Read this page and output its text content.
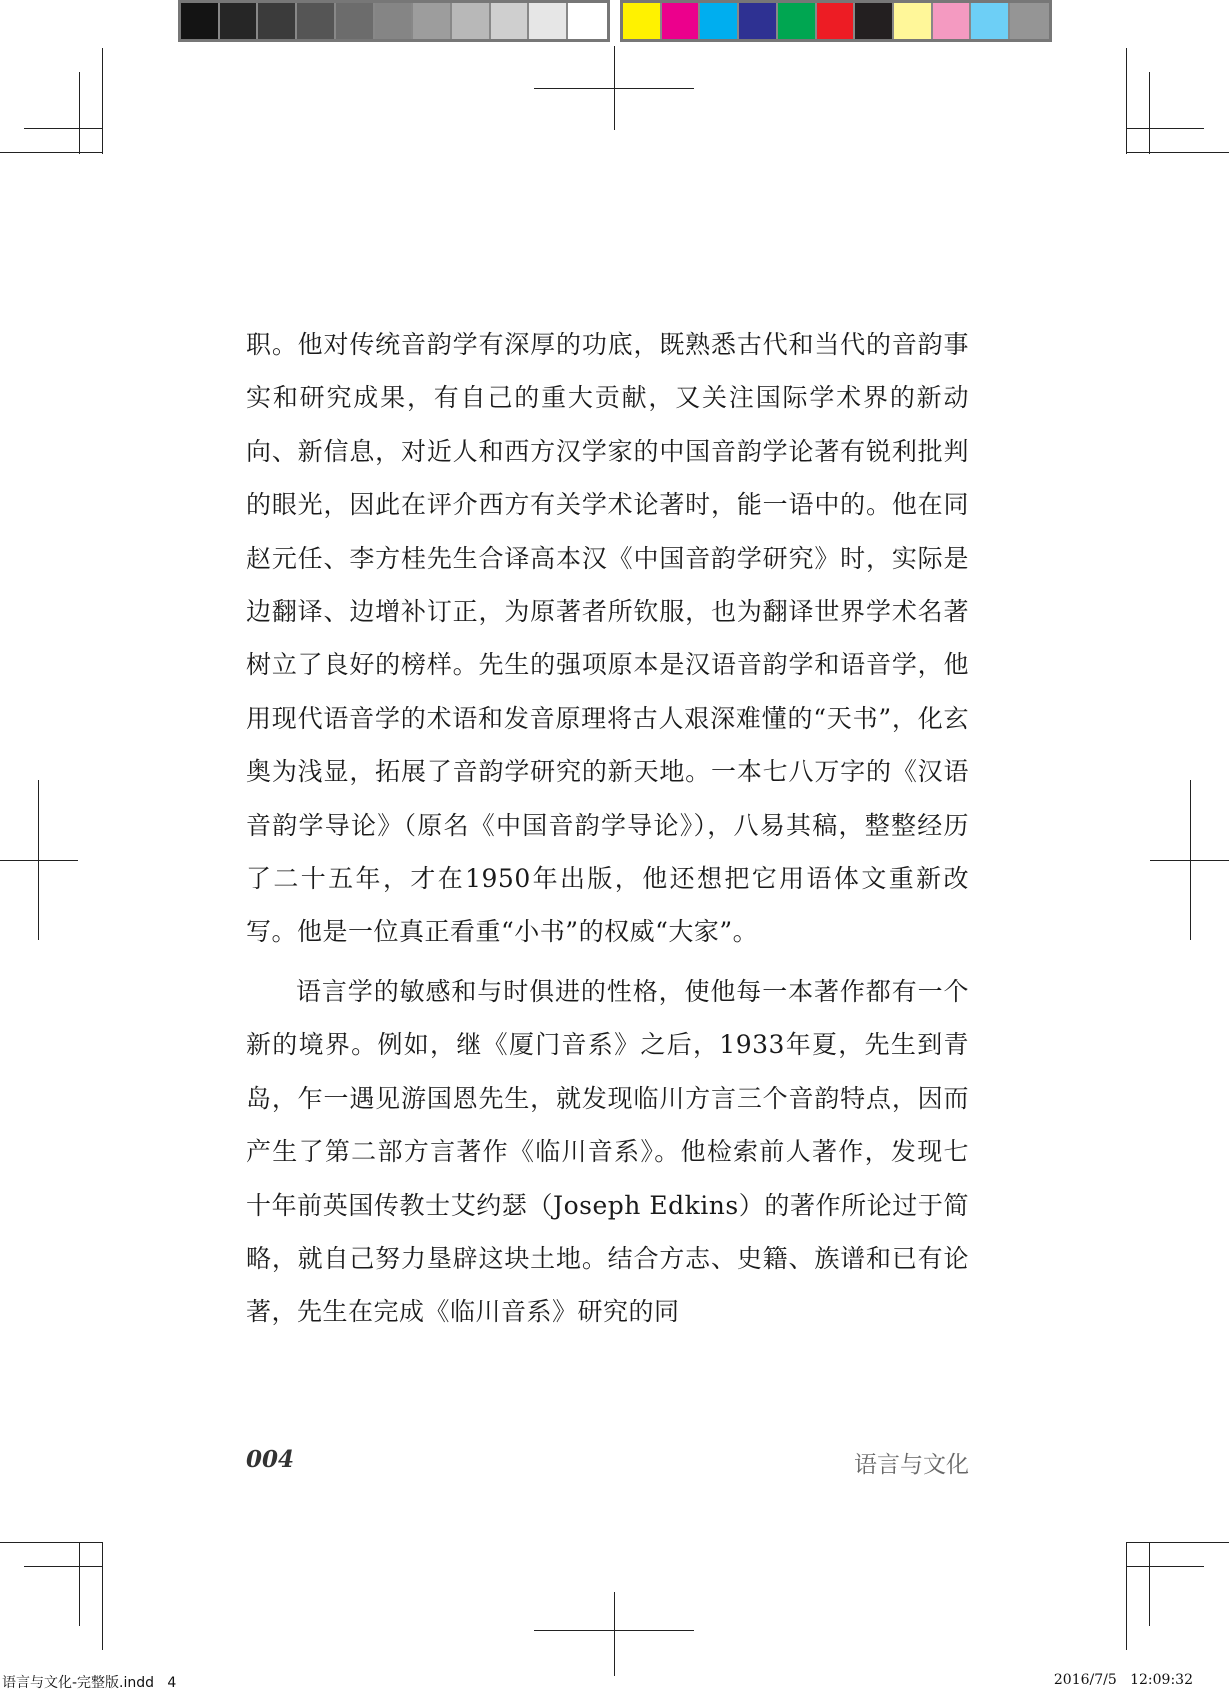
职。他对传统音韵学有深厚的功底，既熟悉古代和当代的音韵事实和研究成果，有自己的重大贡献，又关注国际学术界的新动向、新信息，对近人和西方汉学家的中国音韵学论著有锐利批判的眼光，因此在评介西方有关学术论著时，能一语中的。他在同赵元任、李方桂先生合译高本汉《中国音韵学研究》时，实际是边翻译、边增补订正，为原著者所钦服，也为翻译世界学术名著树立了良好的榜样。先生的强项原本是汉语音韵学和语音学，他用现代语音学的术语和发音原理将古人艰深难懂的“天书”，化玄奥为浅显，拓展了音韵学研究的新天地。一本七八万字的《汉语音韵学导论》（原名《中国音韵学导论》），八易其稿，整整经历了二十五年，才在1950年出版，他还想把它用语体文重新改写。他是一位真正看重“小书”的权威“大家”。

语言学的敏感和与时俱进的性格，使他每一本著作都有一个新的境界。例如，继《厦门音系》之后，1933年夏，先生到青岛，乍一遇见游国恩先生，就发现临川方言三个音韵特点，因而产生了第二部方言著作《临川音系》。他检索前人著作，发现七十年前英国传教士艾约瑟（Joseph Edkins）的著作所论过于简略，就自己努力垦辟这块土地。结合方志、史籍、族谱和已有论著，先生在完成《临川音系》研究的同

004	语言与文化
语言与文化-完整版.indd   4	2016/7/5   12:09:32
